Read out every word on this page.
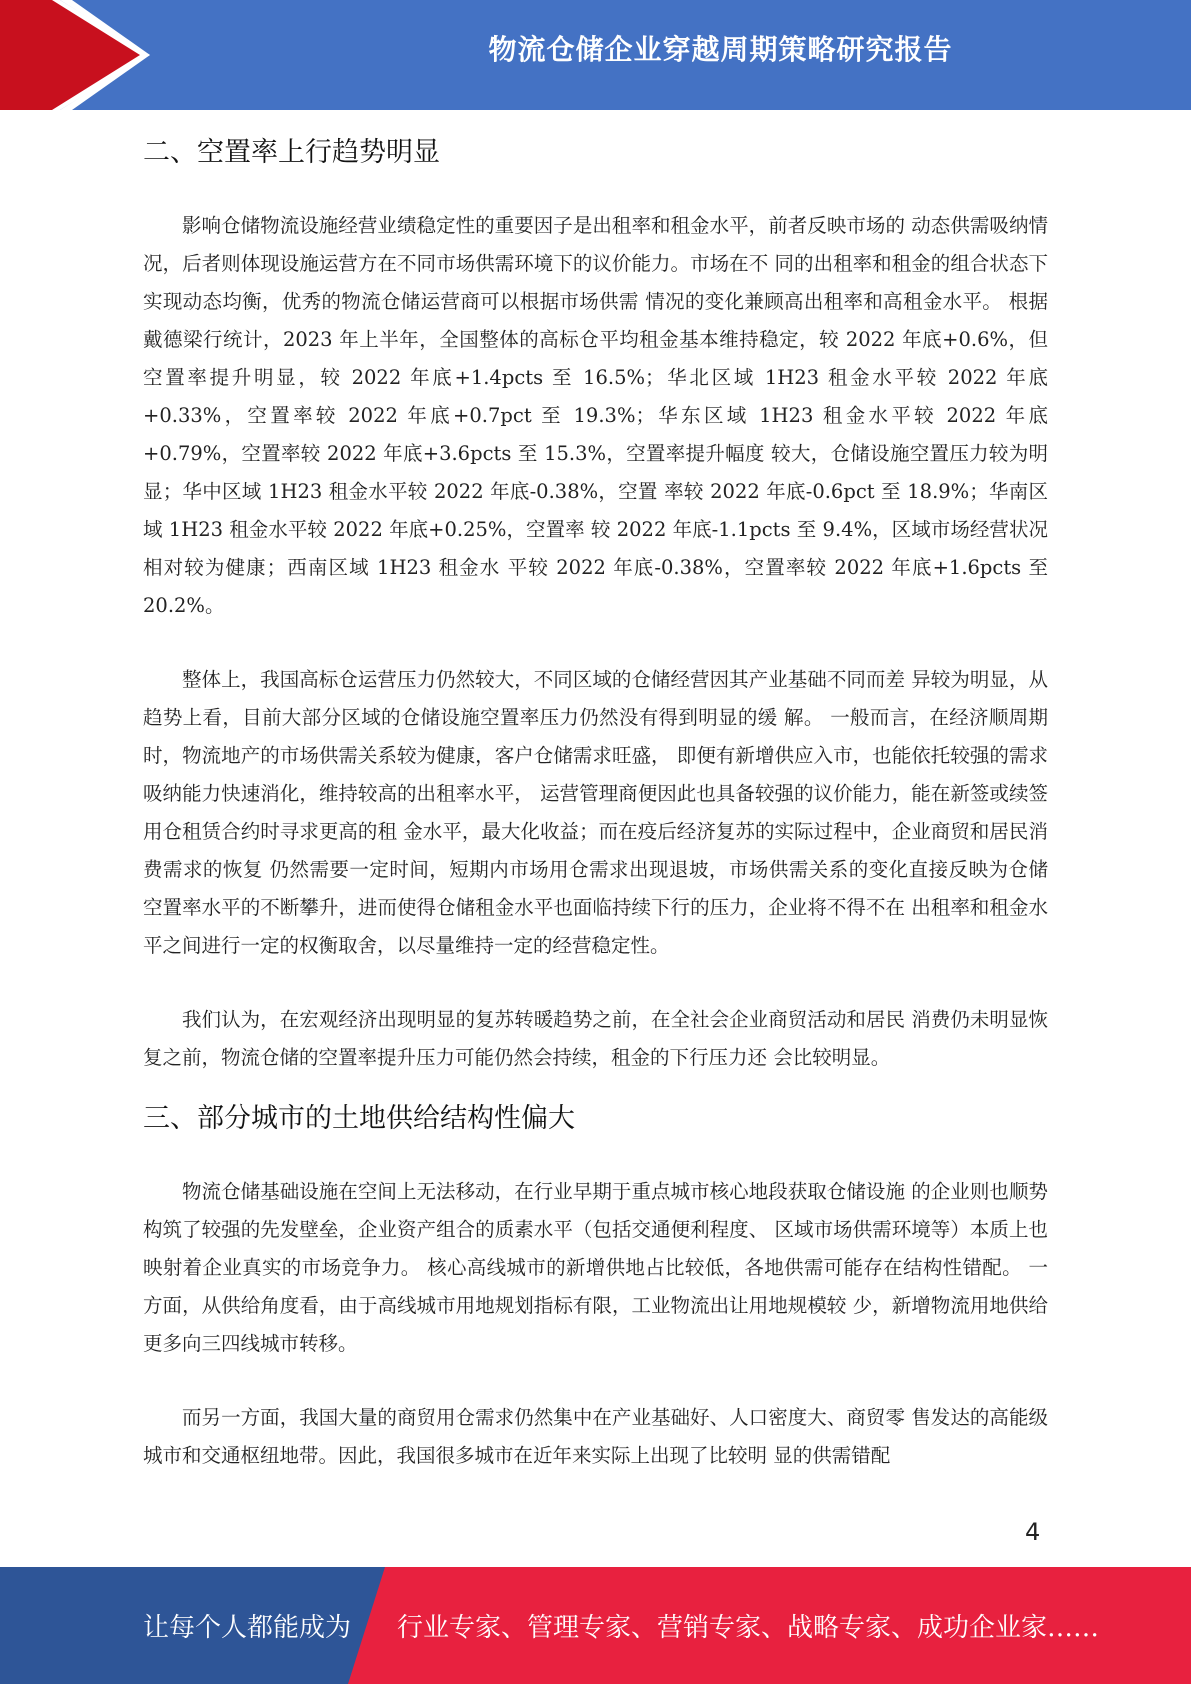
物流仓储企业穿越周期策略研究报告
二、空置率上行趋势明显

影响仓储物流设施经营业绩稳定性的重要因子是出租率和租金水平，前者反映市场的 动态供需吸纳情况，后者则体现设施运营方在不同市场供需环境下的议价能力。市场在不 同的出租率和租金的组合状态下实现动态均衡，优秀的物流仓储运营商可以根据市场供需 情况的变化兼顾高出租率和高租金水平。 根据戴德梁行统计，2023 年上半年，全国整体的高标仓平均租金基本维持稳定，较 2022 年底+0.6%，但空置率提升明显，较 2022 年底+1.4pcts 至 16.5%；华北区域 1H23 租金水平较 2022 年底+0.33%，空置率较 2022 年底+0.7pct 至 19.3%；华东区域 1H23 租金水平较 2022 年底+0.79%，空置率较 2022 年底+3.6pcts 至 15.3%，空置率提升幅度 较大，仓储设施空置压力较为明显；华中区域 1H23 租金水平较 2022 年底-0.38%，空置 率较 2022 年底-0.6pct 至 18.9%；华南区域 1H23 租金水平较 2022 年底+0.25%，空置率 较 2022 年底-1.1pcts 至 9.4%，区域市场经营状况相对较为健康；西南区域 1H23 租金水 平较 2022 年底-0.38%，空置率较 2022 年底+1.6pcts 至 20.2%。

整体上，我国高标仓运营压力仍然较大，不同区域的仓储经营因其产业基础不同而差 异较为明显，从趋势上看，目前大部分区域的仓储设施空置率压力仍然没有得到明显的缓 解。 一般而言，在经济顺周期时，物流地产的市场供需关系较为健康，客户仓储需求旺盛， 即便有新增供应入市，也能依托较强的需求吸纳能力快速消化，维持较高的出租率水平， 运营管理商便因此也具备较强的议价能力，能在新签或续签用仓租赁合约时寻求更高的租 金水平，最大化收益；而在疫后经济复苏的实际过程中，企业商贸和居民消费需求的恢复 仍然需要一定时间，短期内市场用仓需求出现退坡，市场供需关系的变化直接反映为仓储 空置率水平的不断攀升，进而使得仓储租金水平也面临持续下行的压力，企业将不得不在 出租率和租金水平之间进行一定的权衡取舍，以尽量维持一定的经营稳定性。

我们认为，在宏观经济出现明显的复苏转暖趋势之前，在全社会企业商贸活动和居民 消费仍未明显恢复之前，物流仓储的空置率提升压力可能仍然会持续，租金的下行压力还 会比较明显。

三、部分城市的土地供给结构性偏大

物流仓储基础设施在空间上无法移动，在行业早期于重点城市核心地段获取仓储设施 的企业则也顺势构筑了较强的先发壁垒，企业资产组合的质素水平（包括交通便利程度、 区域市场供需环境等）本质上也映射着企业真实的市场竞争力。 核心高线城市的新增供地占比较低，各地供需可能存在结构性错配。 一方面，从供给角度看，由于高线城市用地规划指标有限，工业物流出让用地规模较 少，新增物流用地供给更多向三四线城市转移。

而另一方面，我国大量的商贸用仓需求仍然集中在产业基础好、人口密度大、商贸零 售发达的高能级城市和交通枢纽地带。因此，我国很多城市在近年来实际上出现了比较明 显的供需错配

4
让每个人都能成为 行业专家、管理专家、营销专家、战略专家、成功企业家……
